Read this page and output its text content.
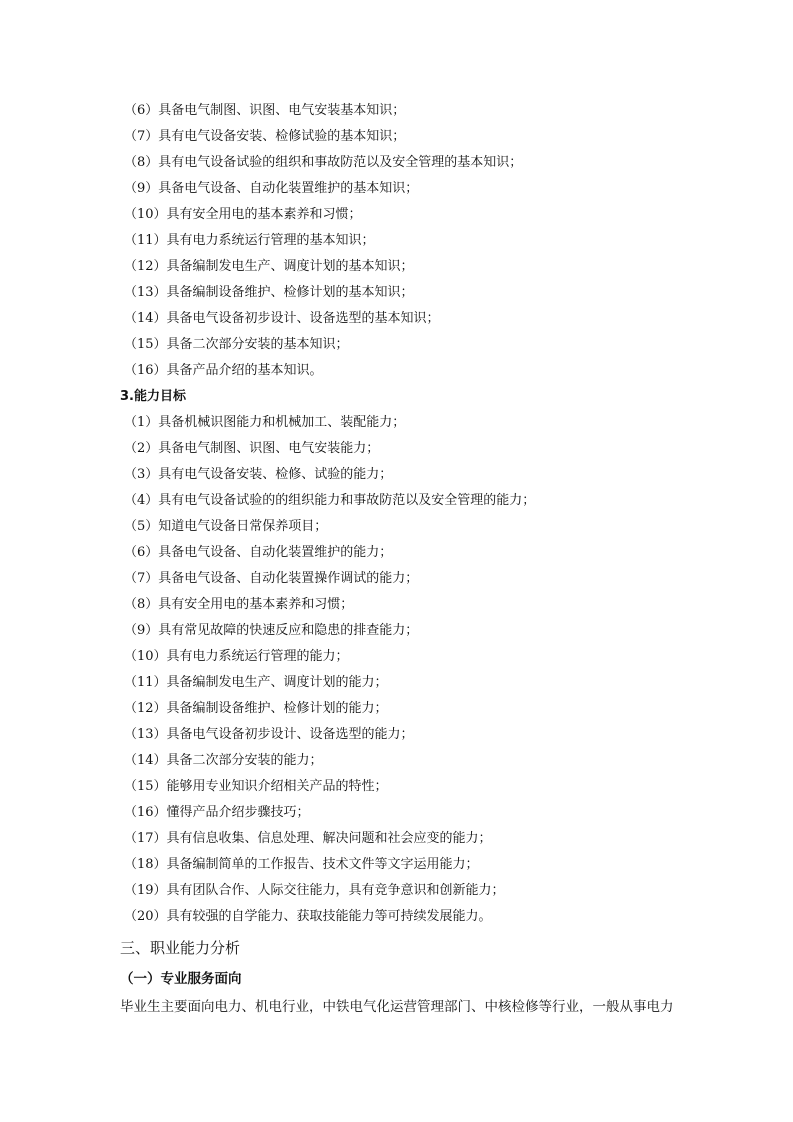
（6）具备电气制图、识图、电气安装基本知识；
（7）具有电气设备安装、检修试验的基本知识；
（8）具有电气设备试验的组织和事故防范以及安全管理的基本知识；
（9）具备电气设备、自动化装置维护的基本知识；
（10）具有安全用电的基本素养和习惯；
（11）具有电力系统运行管理的基本知识；
（12）具备编制发电生产、调度计划的基本知识；
（13）具备编制设备维护、检修计划的基本知识；
（14）具备电气设备初步设计、设备选型的基本知识；
（15）具备二次部分安装的基本知识；
（16）具备产品介绍的基本知识。
3.能力目标
（1）具备机械识图能力和机械加工、装配能力；
（2）具备电气制图、识图、电气安装能力；
（3）具有电气设备安装、检修、试验的能力；
（4）具有电气设备试验的的组织能力和事故防范以及安全管理的能力；
（5）知道电气设备日常保养项目；
（6）具备电气设备、自动化装置维护的能力；
（7）具备电气设备、自动化装置操作调试的能力；
（8）具有安全用电的基本素养和习惯；
（9）具有常见故障的快速反应和隐患的排查能力；
（10）具有电力系统运行管理的能力；
（11）具备编制发电生产、调度计划的能力；
（12）具备编制设备维护、检修计划的能力；
（13）具备电气设备初步设计、设备选型的能力；
（14）具备二次部分安装的能力；
（15）能够用专业知识介绍相关产品的特性；
（16）懂得产品介绍步骤技巧；
（17）具有信息收集、信息处理、解决问题和社会应变的能力；
（18）具备编制简单的工作报告、技术文件等文字运用能力；
（19）具有团队合作、人际交往能力，具有竞争意识和创新能力；
（20）具有较强的自学能力、获取技能能力等可持续发展能力。
三、职业能力分析
（一）专业服务面向
毕业生主要面向电力、机电行业，中铁电气化运营管理部门、中核检修等行业，一般从事电力
